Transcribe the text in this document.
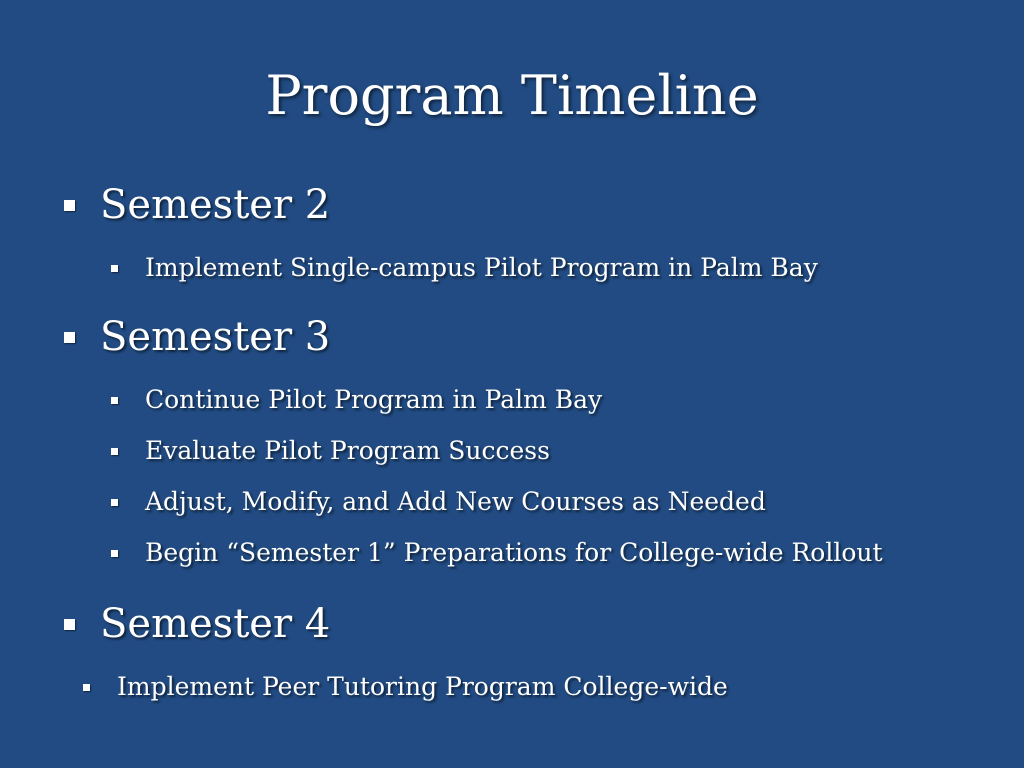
Program Timeline
Semester 2
Implement Single-campus Pilot Program in Palm Bay
Semester 3
Continue Pilot Program in Palm Bay
Evaluate Pilot Program Success
Adjust, Modify, and Add New Courses as Needed
Begin “Semester 1” Preparations for College-wide Rollout
Semester 4
Implement Peer Tutoring Program College-wide
